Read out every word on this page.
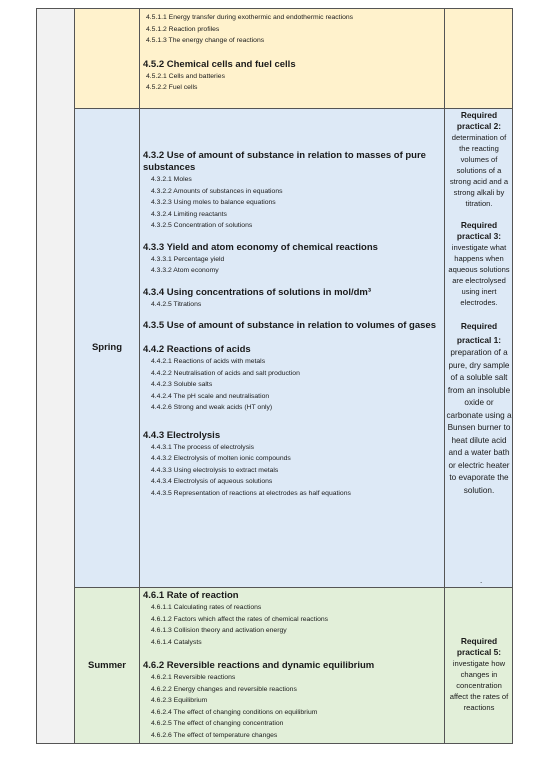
4.5.1.1 Energy transfer during exothermic and endothermic reactions

4.5.1.2 Reaction profiles

4.5.1.3 The energy change of reactions

4.5.2 Chemical cells and fuel cells

4.5.2.1 Cells and batteries

4.5.2.2 Fuel cells

Spring

4.3.2 Use of amount of substance in relation to masses of pure substances

4.3.2.1 Moles

4.3.2.2 Amounts of substances in equations

4.3.2.3 Using moles to balance equations

4.3.2.4 Limiting reactants

4.3.2.5 Concentration of solutions

4.3.3 Yield and atom economy of chemical reactions

4.3.3.1 Percentage yield

4.3.3.2 Atom economy

4.3.4 Using concentrations of solutions in mol/dm³

4.4.2.5 Titrations

4.3.5 Use of amount of substance in relation to volumes of gases

4.4.2 Reactions of acids

4.4.2.1 Reactions of acids with metals

4.4.2.2 Neutralisation of acids and salt production

4.4.2.3 Soluble salts

4.4.2.4 The pH scale and neutralisation

4.4.2.6 Strong and weak acids (HT only)

4.4.3 Electrolysis

4.4.3.1 The process of electrolysis

4.4.3.2 Electrolysis of molten ionic compounds

4.4.3.3 Using electrolysis to extract metals

4.4.3.4 Electrolysis of aqueous solutions

4.4.3.5 Representation of reactions at electrodes as half equations

Required practical 2:
determination of the reacting volumes of solutions of a strong acid and a strong alkali by titration.
Required practical 3:
investigate what happens when aqueous solutions are electrolysed using inert electrodes.
Required practical 1:
preparation of a pure, dry sample of a soluble salt from an insoluble oxide or carbonate using a Bunsen burner to heat dilute acid and a water bath or electric heater to evaporate the solution.
.
Summer

4.6.1 Rate of reaction

4.6.1.1 Calculating rates of reactions

4.6.1.2 Factors which affect the rates of chemical reactions

4.6.1.3 Collision theory and activation energy

4.6.1.4 Catalysts

4.6.2 Reversible reactions and dynamic equilibrium

4.6.2.1 Reversible reactions

4.6.2.2 Energy changes and reversible reactions

4.6.2.3 Equilibrium

4.6.2.4 The effect of changing conditions on equilibrium

4.6.2.5 The effect of changing concentration

4.6.2.6 The effect of temperature changes

Required practical 5:
investigate how changes in concentration affect the rates of reactions
